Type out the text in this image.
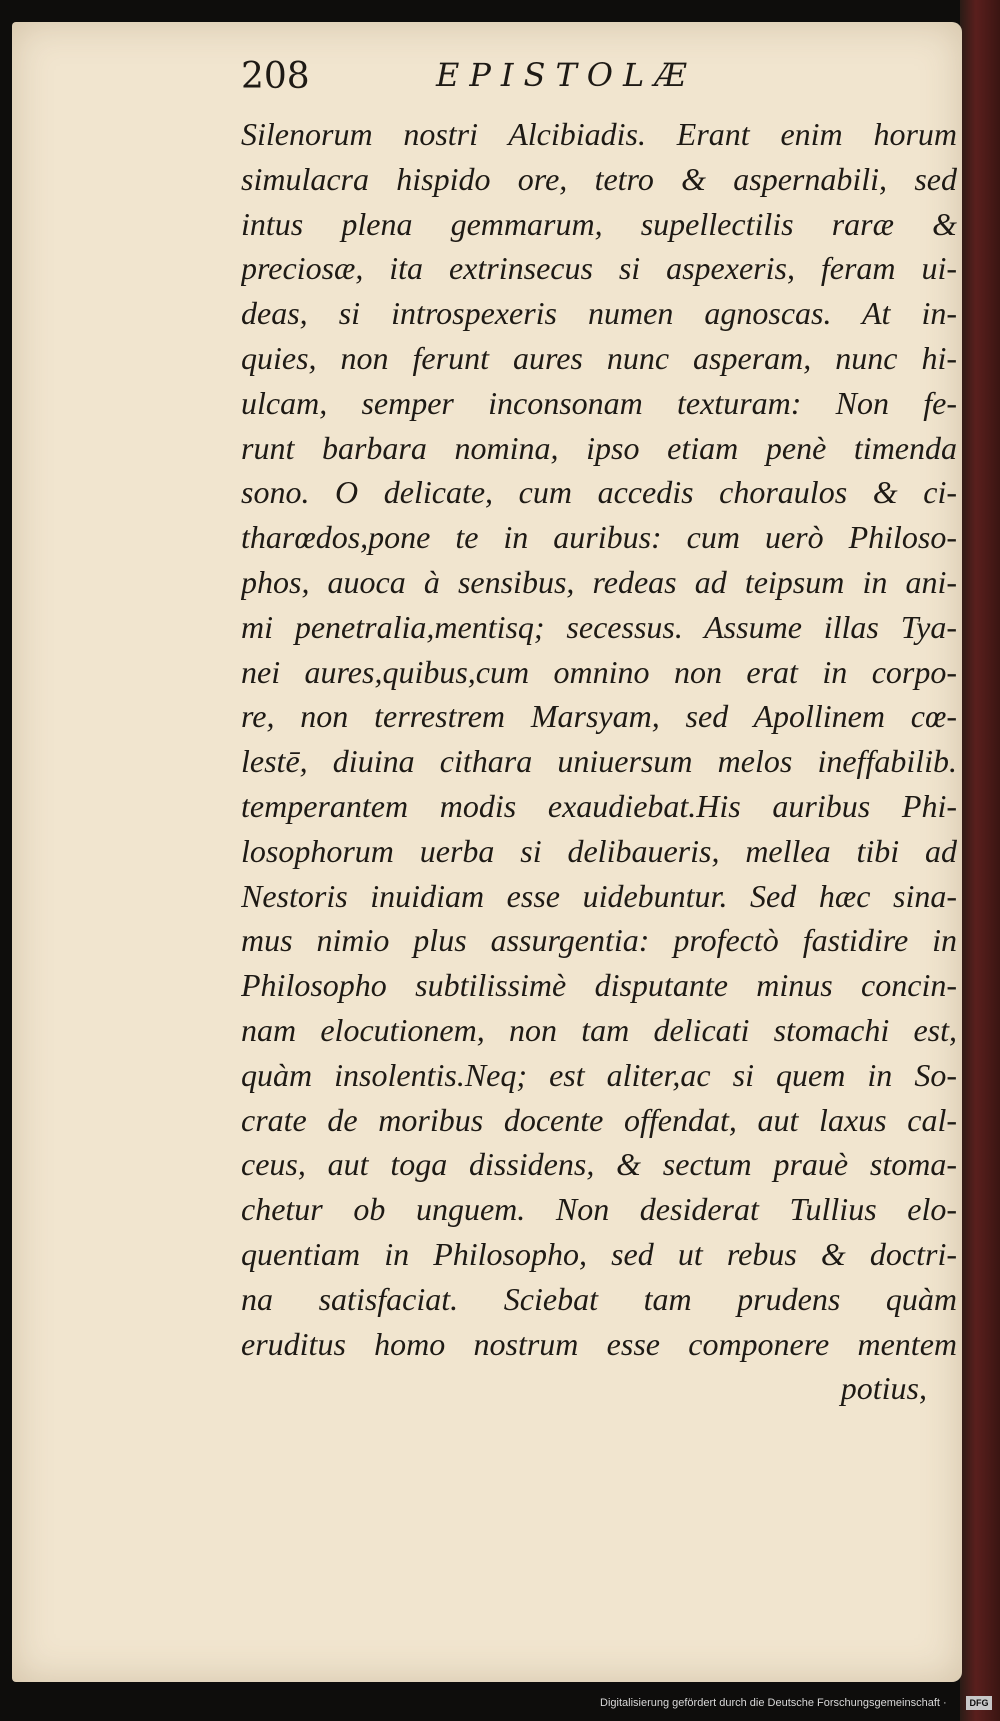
208	EPISTOLÆ
Silenorum nostri Alcibiadis. Erant enim horum
simulacra hispido ore, tetro & aspernabili, sed
intus plena gemmarum, supellectilis raræ &
preciosæ, ita extrinsecus si aspexeris, feram ui-
deas, si introspexeris numen agnoscas. At in-
quies, non ferunt aures nunc asperam, nunc hi-
ulcam, semper inconsonam texturam: Non fe-
runt barbara nomina, ipso etiam penè timenda
sono. O delicate, cum accedis choraulos & ci-
tharœdos,pone te in auribus: cum uerò Philoso-
phos, auoca à sensibus, redeas ad teipsum in ani-
mi penetralia,mentisq; secessus. Assume illas Tya-
nei aures,quibus,cum omnino non erat in corpo-
re, non terrestrem Marsyam, sed Apollinem cœ-
lestē, diuina cithara uniuersum melos ineffabilib.
temperantem modis exaudiebat.His auribus Phi-
losophorum uerba si delibaueris, mellea tibi ad
Nestoris inuidiam esse uidebuntur. Sed hæc sina-
mus nimio plus assurgentia: profectò fastidire in
Philosopho subtilissimè disputante minus concin-
nam elocutionem, non tam delicati stomachi est,
quàm insolentis.Neq; est aliter,ac si quem in So-
crate de moribus docente offendat, aut laxus cal-
ceus, aut toga dissidens, & sectum prauè stoma-
chetur ob unguem. Non desiderat Tullius elo-
quentiam in Philosopho, sed ut rebus & doctri-
na satisfaciat. Sciebat tam prudens quàm
eruditus homo nostrum esse componere mentem
potius,
Digitalisierung gefördert durch die Deutsche Forschungsgemeinschaft ·	DFG
